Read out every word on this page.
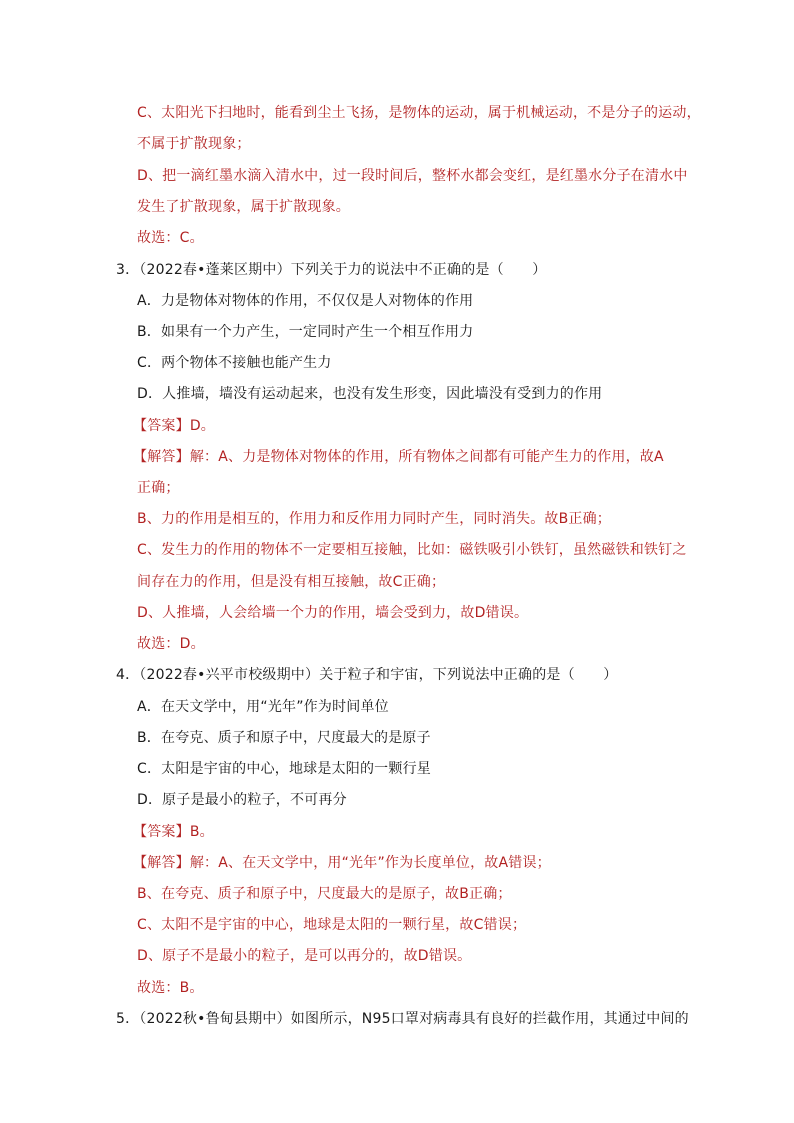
C、太阳光下扫地时，能看到尘土飞扬，是物体的运动，属于机械运动，不是分子的运动，
不属于扩散现象；
D、把一滴红墨水滴入清水中，过一段时间后，整杯水都会变红，是红墨水分子在清水中
发生了扩散现象，属于扩散现象。
故选：C。
3．（2022春•蓬莱区期中）下列关于力的说法中不正确的是（　　）
A．力是物体对物体的作用，不仅仅是人对物体的作用
B．如果有一个力产生，一定同时产生一个相互作用力
C．两个物体不接触也能产生力
D．人推墙，墙没有运动起来，也没有发生形变，因此墙没有受到力的作用
【答案】D。
【解答】解：A、力是物体对物体的作用，所有物体之间都有可能产生力的作用，故A
正确；
B、力的作用是相互的，作用力和反作用力同时产生，同时消失。故B正确；
C、发生力的作用的物体不一定要相互接触，比如：磁铁吸引小铁钉，虽然磁铁和铁钉之
间存在力的作用，但是没有相互接触，故C正确；
D、人推墙，人会给墙一个力的作用，墙会受到力，故D错误。
故选：D。
4．（2022春•兴平市校级期中）关于粒子和宇宙，下列说法中正确的是（　　）
A．在天文学中，用“光年”作为时间单位
B．在夸克、质子和原子中，尺度最大的是原子
C．太阳是宇宙的中心，地球是太阳的一颗行星
D．原子是最小的粒子，不可再分
【答案】B。
【解答】解：A、在天文学中，用“光年”作为长度单位，故A错误；
B、在夸克、质子和原子中，尺度最大的是原子，故B正确；
C、太阳不是宇宙的中心，地球是太阳的一颗行星，故C错误；
D、原子不是最小的粒子，是可以再分的，故D错误。
故选：B。
5．（2022秋•鲁甸县期中）如图所示，N95口罩对病毒具有良好的拦截作用，其通过中间的
